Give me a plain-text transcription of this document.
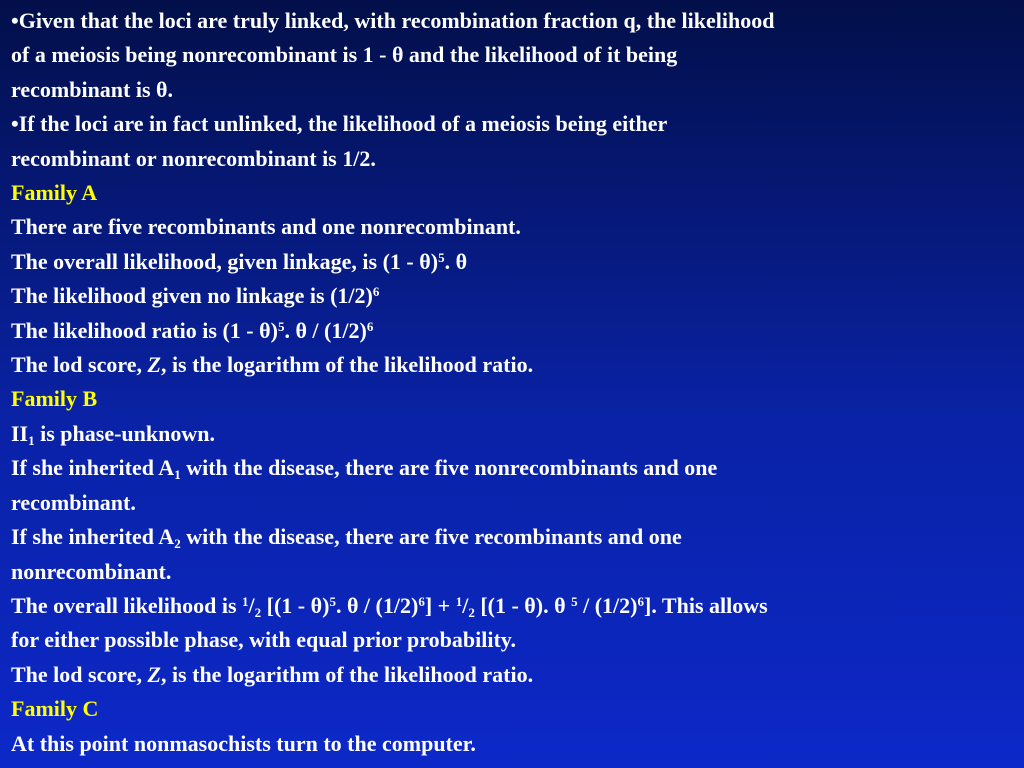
•Given that the loci are truly linked, with recombination fraction q, the likelihood
of a meiosis being nonrecombinant is 1 - θ and the likelihood of it being
recombinant is θ.
•If the loci are in fact unlinked, the likelihood of a meiosis being either
recombinant or nonrecombinant is 1/2.
Family A
There are five recombinants and one nonrecombinant.
The overall likelihood, given linkage, is (1 - θ)$^5$. θ
The likelihood given no linkage is $(1/2)^6$
The likelihood ratio is (1 - θ)$^5$. θ / $(1/2)^6$
The lod score, Z, is the logarithm of the likelihood ratio.
Family B
$II_1$ is phase-unknown.
If she inherited $A_1$ with the disease, there are five nonrecombinants and one
recombinant.
If she inherited $A_2$ with the disease, there are five recombinants and one
nonrecombinant.
The overall likelihood is $^1/_2$ [(1 - θ)$^5$. $\theta / (1/2)^6] + ^1/_2$ [(1 - θ). θ $^5 / (1/2)^6$]. This allows
for either possible phase, with equal prior probability.
The lod score, Z, is the logarithm of the likelihood ratio.
Family C
At this point nonmasochists turn to the computer.
